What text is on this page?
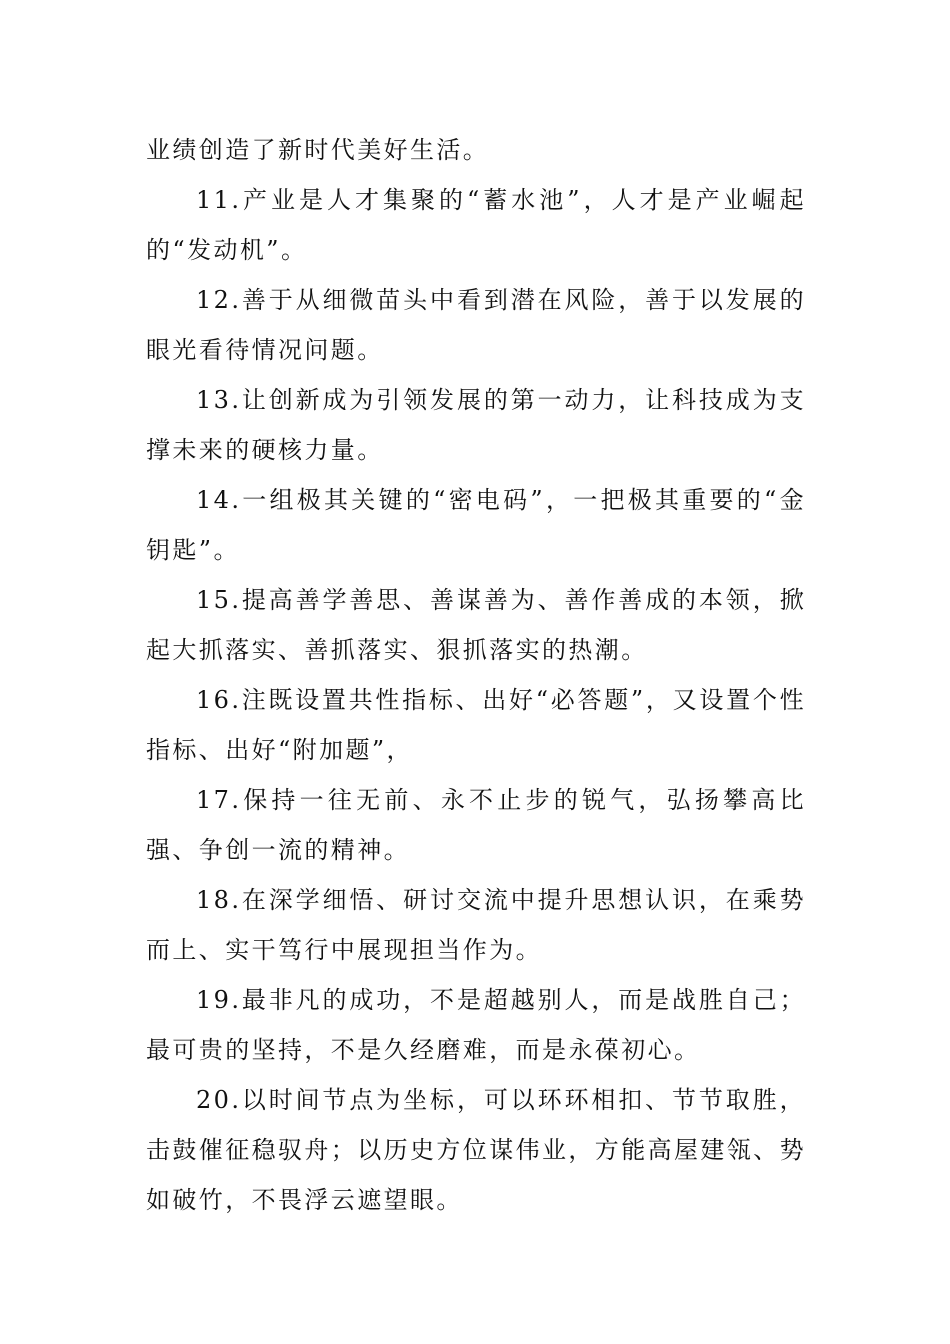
业绩创造了新时代美好生活。

11.产业是人才集聚的“蓄水池”，人才是产业崛起的“发动机”。

12.善于从细微苗头中看到潜在风险，善于以发展的眼光看待情况问题。

13.让创新成为引领发展的第一动力，让科技成为支撑未来的硬核力量。

14.一组极其关键的“密电码”，一把极其重要的“金钥匙”。

15.提高善学善思、善谋善为、善作善成的本领，掀起大抓落实、善抓落实、狠抓落实的热潮。

16.注既设置共性指标、出好“必答题”，又设置个性指标、出好“附加题”，

17.保持一往无前、永不止步的锐气，弘扬攀高比强、争创一流的精神。

18.在深学细悟、研讨交流中提升思想认识，在乘势而上、实干笃行中展现担当作为。

19.最非凡的成功，不是超越别人，而是战胜自己；最可贵的坚持，不是久经磨难，而是永葆初心。

20.以时间节点为坐标，可以环环相扣、节节取胜，击鼓催征稳驭舟；以历史方位谋伟业，方能高屋建瓴、势如破竹，不畏浮云遮望眼。
